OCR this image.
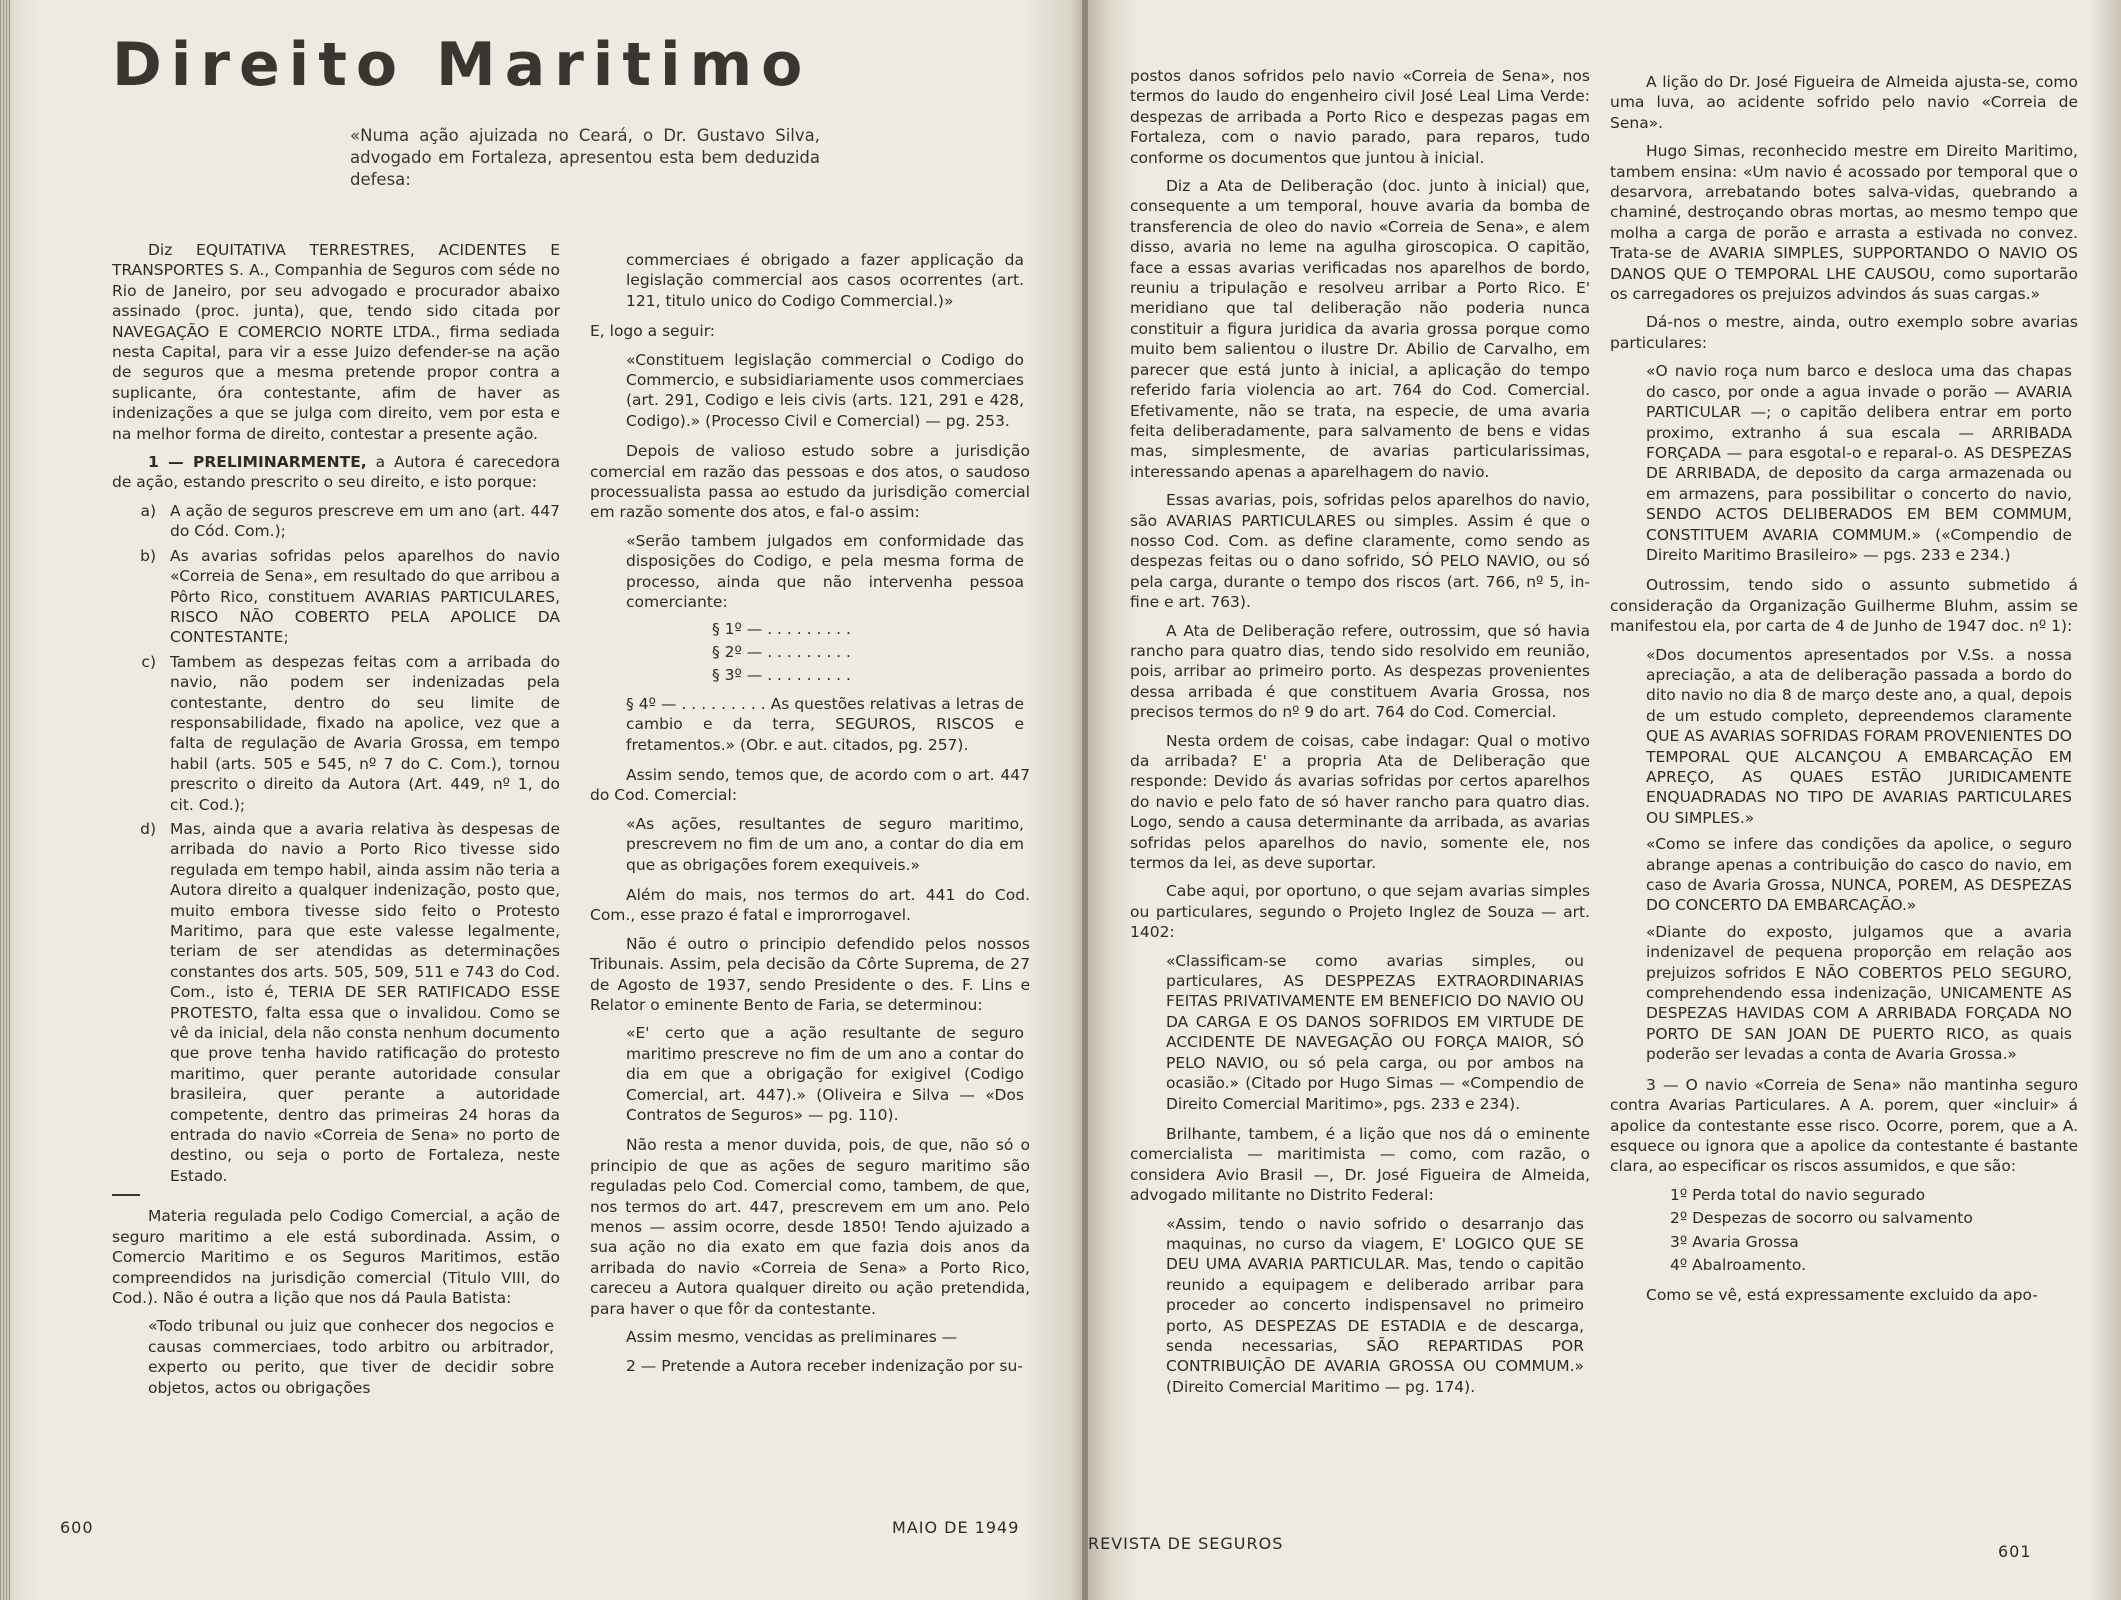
Direito Maritimo

«Numa ação ajuizada no Ceará, o Dr. Gustavo Silva, advogado em Fortaleza, apresentou esta bem deduzida defesa:

Diz EQUITATIVA TERRESTRES, ACIDENTES E TRANSPORTES S. A., Companhia de Seguros com séde no Rio de Janeiro, por seu advogado e procurador abaixo assinado (proc. junta), que, tendo sido citada por NAVEGAÇÃO E COMERCIO NORTE LTDA., firma sediada nesta Capital, para vir a esse Juizo defender-se na ação de seguros que a mesma pretende propor contra a suplicante, óra contestante, afim de haver as indenizações a que se julga com direito, vem por esta e na melhor forma de direito, contestar a presente ação.

1 — PRELIMINARMENTE, a Autora é carecedora de ação, estando prescrito o seu direito, e isto porque:

a) A ação de seguros prescreve em um ano (art. 447 do Cód. Com.);
b) As avarias sofridas pelos aparelhos do navio «Correia de Sena», em resultado do que arribou a Pôrto Rico, constituem AVARIAS PARTICULARES, RISCO NÃO COBERTO PELA APOLICE DA CONTESTANTE;
c) Tambem as despezas feitas com a arribada do navio, não podem ser indenizadas pela contestante, dentro do seu limite de responsabilidade, fixado na apolice, vez que a falta de regulação de Avaria Grossa, em tempo habil (arts. 505 e 545, nº 7 do C. Com.), tornou prescrito o direito da Autora (Art. 449, nº 1, do cit. Cod.);
d) Mas, ainda que a avaria relativa às despesas de arribada do navio a Porto Rico tivesse sido regulada em tempo habil, ainda assim não teria a Autora direito a qualquer indenização, posto que, muito embora tivesse sido feito o Protesto Maritimo, para que este valesse legalmente, teriam de ser atendidas as determinações constantes dos arts. 505, 509, 511 e 743 do Cod. Com., isto é, TERIA DE SER RATIFICADO ESSE PROTESTO, falta essa que o invalidou. Como se vê da inicial, dela não consta nenhum documento que prove tenha havido ratificação do protesto maritimo, quer perante autoridade consular brasileira, quer perante a autoridade competente, dentro das primeiras 24 horas da entrada do navio «Correia de Sena» no porto de destino, ou seja o porto de Fortaleza, neste Estado.

Materia regulada pelo Codigo Comercial, a ação de seguro maritimo a ele está subordinada. Assim, o Comercio Maritimo e os Seguros Maritimos, estão compreendidos na jurisdição comercial (Titulo VIII, do Cod.). Não é outra a lição que nos dá Paula Batista:

«Todo tribunal ou juiz que conhecer dos negocios e causas commerciaes, todo arbitro ou arbitrador, experto ou perito, que tiver de decidir sobre objetos, actos ou obrigações

commerciaes é obrigado a fazer applicação da legislação commercial aos casos ocorrentes (art. 121, titulo unico do Codigo Commercial.)»

E, logo a seguir:

«Constituem legislação commercial o Codigo do Commercio, e subsidiariamente usos commerciaes (art. 291, Codigo e leis civis (arts. 121, 291 e 428, Codigo).» (Processo Civil e Comercial) — pg. 253.

Depois de valioso estudo sobre a jurisdição comercial em razão das pessoas e dos atos, o saudoso processualista passa ao estudo da jurisdição comercial em razão somente dos atos, e fal-o assim:

«Serão tambem julgados em conformidade das disposições do Codigo, e pela mesma forma de processo, ainda que não intervenha pessoa comerciante:

§ 1º — . . . . . . . . .
§ 2º — . . . . . . . . .
§ 3º — . . . . . . . . .

§ 4º — . . . . . . . . . As questões relativas a letras de cambio e da terra, SEGUROS, RISCOS e fretamentos.» (Obr. e aut. citados, pg. 257).

Assim sendo, temos que, de acordo com o art. 447 do Cod. Comercial:

«As ações, resultantes de seguro maritimo, prescrevem no fim de um ano, a contar do dia em que as obrigações forem exequiveis.»

Além do mais, nos termos do art. 441 do Cod. Com., esse prazo é fatal e improrrogavel.

Não é outro o principio defendido pelos nossos Tribunais. Assim, pela decisão da Côrte Suprema, de 27 de Agosto de 1937, sendo Presidente o des. F. Lins e Relator o eminente Bento de Faria, se determinou:

«E' certo que a ação resultante de seguro maritimo prescreve no fim de um ano a contar do dia em que a obrigação for exigivel (Codigo Comercial, art. 447).» (Oliveira e Silva — «Dos Contratos de Seguros» — pg. 110).

Não resta a menor duvida, pois, de que, não só o principio de que as ações de seguro maritimo são reguladas pelo Cod. Comercial como, tambem, de que, nos termos do art. 447, prescrevem em um ano. Pelo menos — assim ocorre, desde 1850! Tendo ajuizado a sua ação no dia exato em que fazia dois anos da arribada do navio «Correia de Sena» a Porto Rico, careceu a Autora qualquer direito ou ação pretendida, para haver o que fôr da contestante.

Assim mesmo, vencidas as preliminares —

2 — Pretende a Autora receber indenização por su-

600	MAIO DE 1949

postos danos sofridos pelo navio «Correia de Sena», nos termos do laudo do engenheiro civil José Leal Lima Verde: despezas de arribada a Porto Rico e despezas pagas em Fortaleza, com o navio parado, para reparos, tudo conforme os documentos que juntou à inicial.

Diz a Ata de Deliberação (doc. junto à inicial) que, consequente a um temporal, houve avaria da bomba de transferencia de oleo do navio «Correia de Sena», e alem disso, avaria no leme na agulha giroscopica. O capitão, face a essas avarias verificadas nos aparelhos de bordo, reuniu a tripulação e resolveu arribar a Porto Rico. E' meridiano que tal deliberação não poderia nunca constituir a figura juridica da avaria grossa porque como muito bem salientou o ilustre Dr. Abilio de Carvalho, em parecer que está junto à inicial, a aplicação do tempo referido faria violencia ao art. 764 do Cod. Comercial. Efetivamente, não se trata, na especie, de uma avaria feita deliberadamente, para salvamento de bens e vidas mas, simplesmente, de avarias particularissimas, interessando apenas a aparelhagem do navio.

Essas avarias, pois, sofridas pelos aparelhos do navio, são AVARIAS PARTICULARES ou simples. Assim é que o nosso Cod. Com. as define claramente, como sendo as despezas feitas ou o dano sofrido, SÓ PELO NAVIO, ou só pela carga, durante o tempo dos riscos (art. 766, nº 5, in-fine e art. 763).

A Ata de Deliberação refere, outrossim, que só havia rancho para quatro dias, tendo sido resolvido em reunião, pois, arribar ao primeiro porto. As despezas provenientes dessa arribada é que constituem Avaria Grossa, nos precisos termos do nº 9 do art. 764 do Cod. Comercial.

Nesta ordem de coisas, cabe indagar: Qual o motivo da arribada? E' a propria Ata de Deliberação que responde: Devido ás avarias sofridas por certos aparelhos do navio e pelo fato de só haver rancho para quatro dias. Logo, sendo a causa determinante da arribada, as avarias sofridas pelos aparelhos do navio, somente ele, nos termos da lei, as deve suportar.

Cabe aqui, por oportuno, o que sejam avarias simples ou particulares, segundo o Projeto Inglez de Souza — art. 1402:

«Classificam-se como avarias simples, ou particulares, AS DESPPEZAS EXTRAORDINARIAS FEITAS PRIVATIVAMENTE EM BENEFICIO DO NAVIO OU DA CARGA E OS DANOS SOFRIDOS EM VIRTUDE DE ACCIDENTE DE NAVEGAÇÃO OU FORÇA MAIOR, SÓ PELO NAVIO, ou só pela carga, ou por ambos na ocasião.» (Citado por Hugo Simas — «Compendio de Direito Comercial Maritimo», pgs. 233 e 234).

Brilhante, tambem, é a lição que nos dá o eminente comercialista — maritimista — como, com razão, o considera Avio Brasil —, Dr. José Figueira de Almeida, advogado militante no Distrito Federal:

«Assim, tendo o navio sofrido o desarranjo das maquinas, no curso da viagem, E' LOGICO QUE SE DEU UMA AVARIA PARTICULAR. Mas, tendo o capitão reunido a equipagem e deliberado arribar para proceder ao concerto indispensavel no primeiro porto, AS DESPEZAS DE ESTADIA e de descarga, senda necessarias, SÃO REPARTIDAS POR CONTRIBUIÇÃO DE AVARIA GROSSA OU COMMUM.» (Direito Comercial Maritimo — pg. 174).

A lição do Dr. José Figueira de Almeida ajusta-se, como uma luva, ao acidente sofrido pelo navio «Correia de Sena».

Hugo Simas, reconhecido mestre em Direito Maritimo, tambem ensina: «Um navio é acossado por temporal que o desarvora, arrebatando botes salva-vidas, quebrando a chaminé, destroçando obras mortas, ao mesmo tempo que molha a carga de porão e arrasta a estivada no convez. Trata-se de AVARIA SIMPLES, SUPPORTANDO O NAVIO OS DANOS QUE O TEMPORAL LHE CAUSOU, como suportarão os carregadores os prejuizos advindos ás suas cargas.»

Dá-nos o mestre, ainda, outro exemplo sobre avarias particulares:

«O navio roça num barco e desloca uma das chapas do casco, por onde a agua invade o porão — AVARIA PARTICULAR —; o capitão delibera entrar em porto proximo, extranho á sua escala — ARRIBADA FORÇADA — para esgotal-o e reparal-o. AS DESPEZAS DE ARRIBADA, de deposito da carga armazenada ou em armazens, para possibilitar o concerto do navio, SENDO ACTOS DELIBERADOS EM BEM COMMUM, CONSTITUEM AVARIA COMMUM.» («Compendio de Direito Maritimo Brasileiro» — pgs. 233 e 234.)

Outrossim, tendo sido o assunto submetido á consideração da Organização Guilherme Bluhm, assim se manifestou ela, por carta de 4 de Junho de 1947 doc. nº 1):

«Dos documentos apresentados por V.Ss. a nossa apreciação, a ata de deliberação passada a bordo do dito navio no dia 8 de março deste ano, a qual, depois de um estudo completo, depreendemos claramente QUE AS AVARIAS SOFRIDAS FORAM PROVENIENTES DO TEMPORAL QUE ALCANÇOU A EMBARCAÇÃO EM APREÇO, AS QUAES ESTÃO JURIDICAMENTE ENQUADRADAS NO TIPO DE AVARIAS PARTICULARES OU SIMPLES.»

«Como se infere das condições da apolice, o seguro abrange apenas a contribuição do casco do navio, em caso de Avaria Grossa, NUNCA, POREM, AS DESPEZAS DO CONCERTO DA EMBARCAÇÃO.»

«Diante do exposto, julgamos que a avaria indenizavel de pequena proporção em relação aos prejuizos sofridos E NÃO COBERTOS PELO SEGURO, comprehendendo essa indenização, UNICAMENTE AS DESPEZAS HAVIDAS COM A ARRIBADA FORÇADA NO PORTO DE SAN JOAN DE PUERTO RICO, as quais poderão ser levadas a conta de Avaria Grossa.»

3 — O navio «Correia de Sena» não mantinha seguro contra Avarias Particulares. A A. porem, quer «incluir» á apolice da contestante esse risco. Ocorre, porem, que a A. esquece ou ignora que a apolice da contestante é bastante clara, ao especificar os riscos assumidos, e que são:

1º Perda total do navio segurado
2º Despezas de socorro ou salvamento
3º Avaria Grossa
4º Abalroamento.

Como se vê, está expressamente excluido da apo-

REVISTA DE SEGUROS	601
